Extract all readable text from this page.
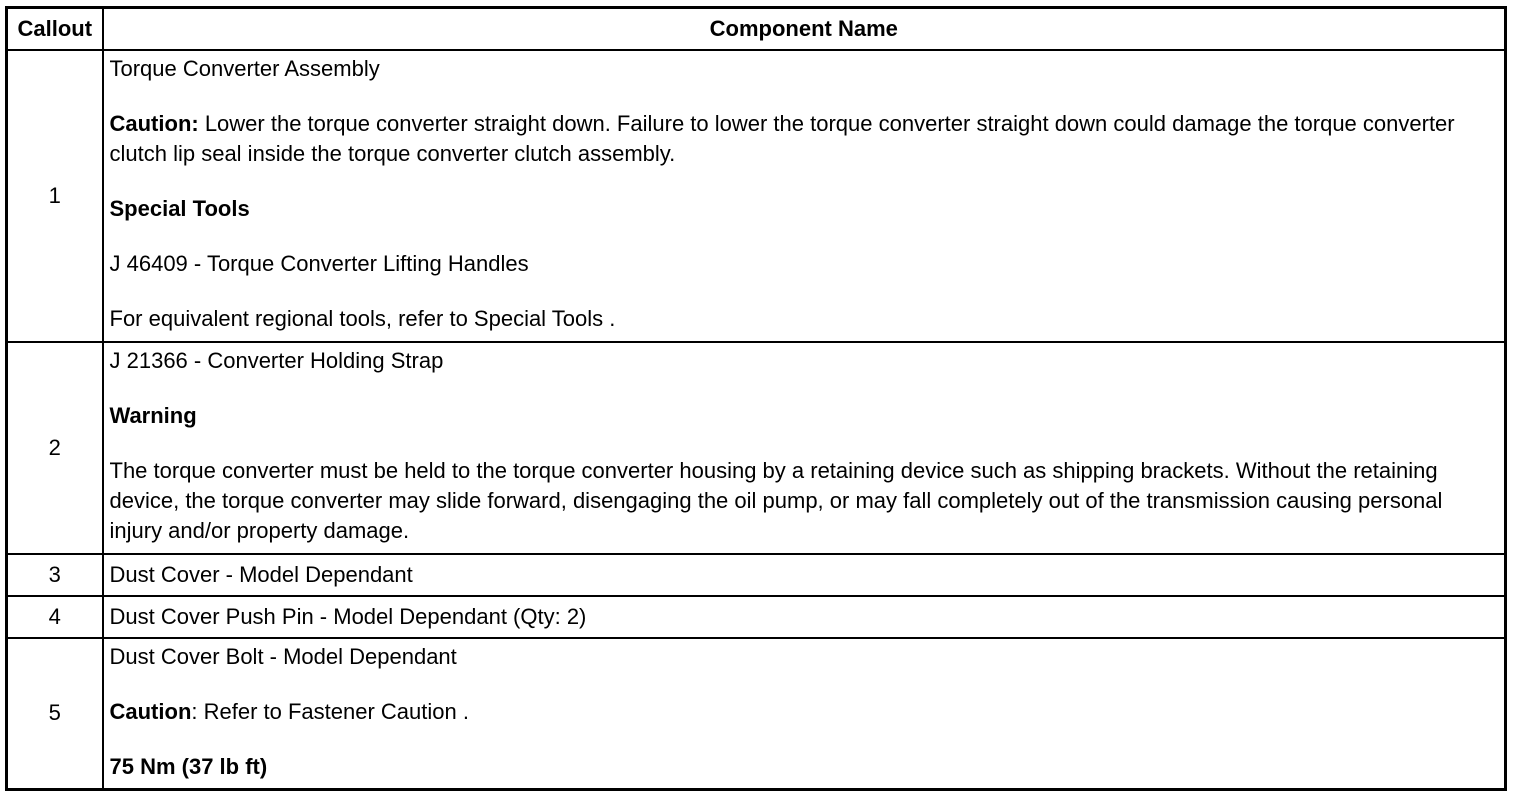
Callout	Component Name
1	Torque Converter Assembly

Caution: Lower the torque converter straight down. Failure to lower the torque converter straight down could damage the torque converter clutch lip seal inside the torque converter clutch assembly.

Special Tools

J 46409 - Torque Converter Lifting Handles

For equivalent regional tools, refer to Special Tools .

2	J 21366 - Converter Holding Strap

Warning

The torque converter must be held to the torque converter housing by a retaining device such as shipping brackets. Without the retaining device, the torque converter may slide forward, disengaging the oil pump, or may fall completely out of the transmission causing personal injury and/or property damage.

3	Dust Cover - Model Dependant
4	Dust Cover Push Pin - Model Dependant (Qty: 2)
5	Dust Cover Bolt - Model Dependant

Caution: Refer to Fastener Caution .

75 Nm (37 lb ft)
